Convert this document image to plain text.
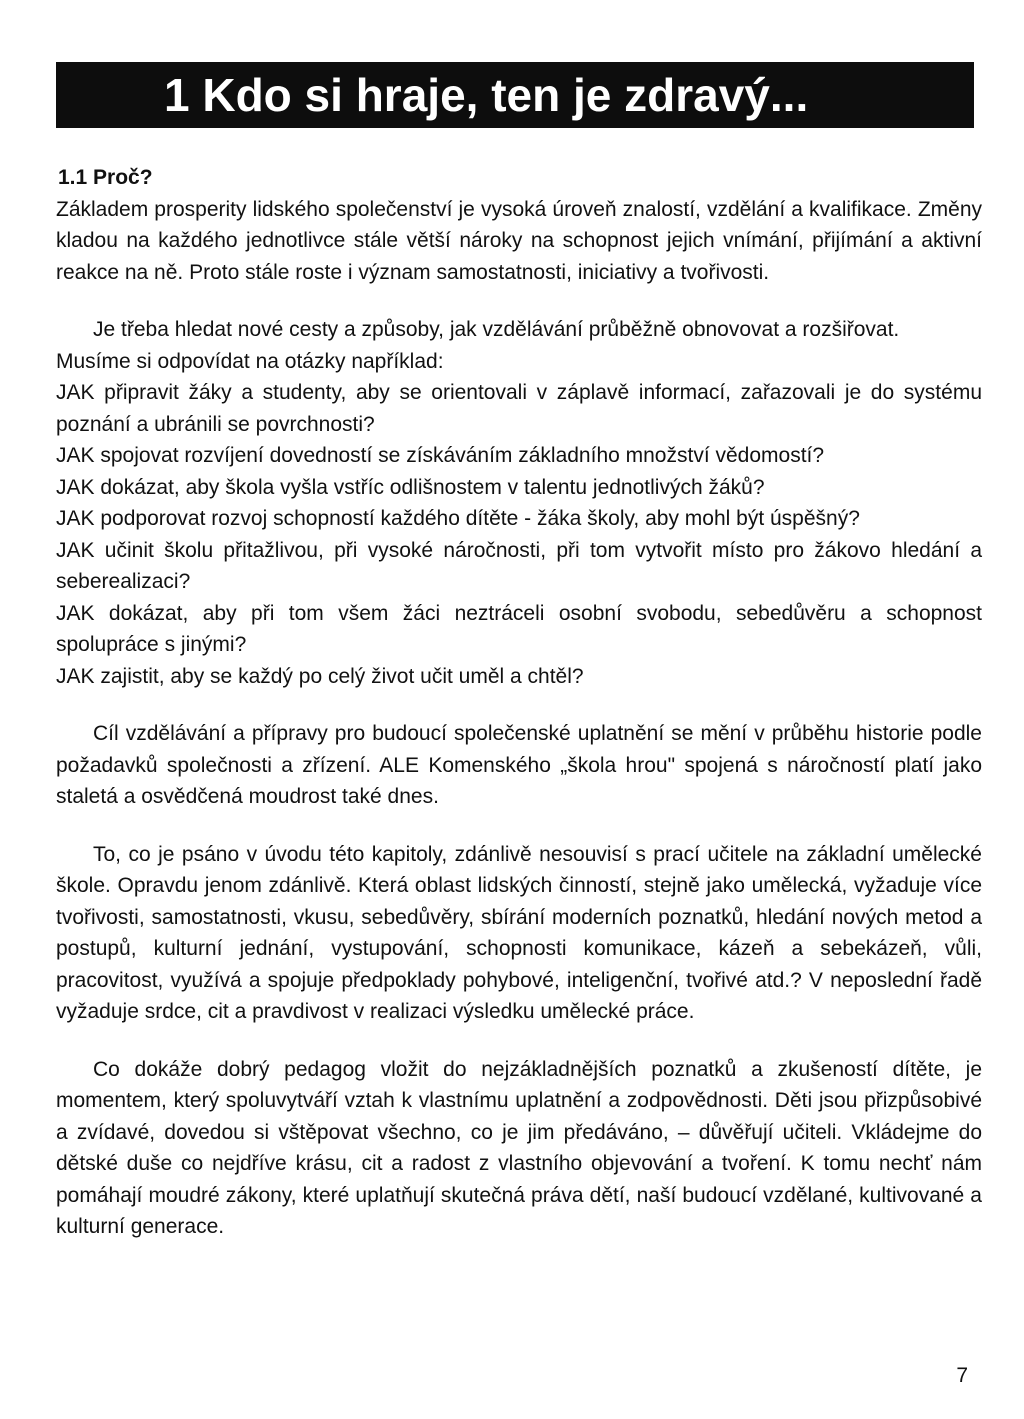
1 Kdo si hraje, ten je zdravý...
1.1 Proč?

Základem prosperity lidského společenství je vysoká úroveň znalostí, vzdělání a kvalifikace. Změny kladou na každého jednotlivce stále větší nároky na schopnost jejich vnímání, přijímání a aktivní reakce na ně. Proto stále roste i význam samostatnosti, iniciativy a tvořivosti.

Je třeba hledat nové cesty a způsoby, jak vzdělávání průběžně obnovovat a rozšiřovat.

Musíme si odpovídat na otázky například:

JAK připravit žáky a studenty, aby se orientovali v záplavě informací, zařazovali je do systému poznání a ubránili se povrchnosti?

JAK spojovat rozvíjení dovedností se získáváním základního množství vědomostí?

JAK dokázat, aby škola vyšla vstříc odlišnostem v talentu jednotlivých žáků?

JAK podporovat rozvoj schopností každého dítěte - žáka školy, aby mohl být úspěšný?

JAK učinit školu přitažlivou, při vysoké náročnosti, při tom vytvořit místo pro žákovo hledání a seberealizaci?

JAK dokázat, aby při tom všem žáci neztráceli osobní svobodu, sebedůvěru a schopnost spolupráce s jinými?

JAK zajistit, aby se každý po celý život učit uměl a chtěl?

Cíl vzdělávání a přípravy pro budoucí společenské uplatnění se mění v průběhu historie podle požadavků společnosti a zřízení. ALE Komenského „škola hrou" spojená s náročností platí jako staletá a osvědčená moudrost také dnes.

To, co je psáno v úvodu této kapitoly, zdánlivě nesouvisí s prací učitele na základní umělecké škole. Opravdu jenom zdánlivě. Která oblast lidských činností, stejně jako umělecká, vyžaduje více tvořivosti, samostatnosti, vkusu, sebedůvěry, sbírání moderních poznatků, hledání nových metod a postupů, kulturní jednání, vystupování, schopnosti komunikace, kázeň a sebekázeň, vůli, pracovitost, využívá a spojuje předpoklady pohybové, inteligenční, tvořivé atd.? V neposlední řadě vyžaduje srdce, cit a pravdivost v realizaci výsledku umělecké práce.

Co dokáže dobrý pedagog vložit do nejzákladnějších poznatků a zkušeností dítěte, je momentem, který spoluvytváří vztah k vlastnímu uplatnění a zodpovědnosti. Děti jsou přizpůsobivé a zvídavé, dovedou si vštěpovat všechno, co je jim předáváno, – důvěřují učiteli. Vkládejme do dětské duše co nejdříve krásu, cit a radost z vlastního objevování a tvoření. K tomu nechť nám pomáhají moudré zákony, které uplatňují skutečná práva dětí, naší budoucí vzdělané, kultivované a kulturní generace.

7
